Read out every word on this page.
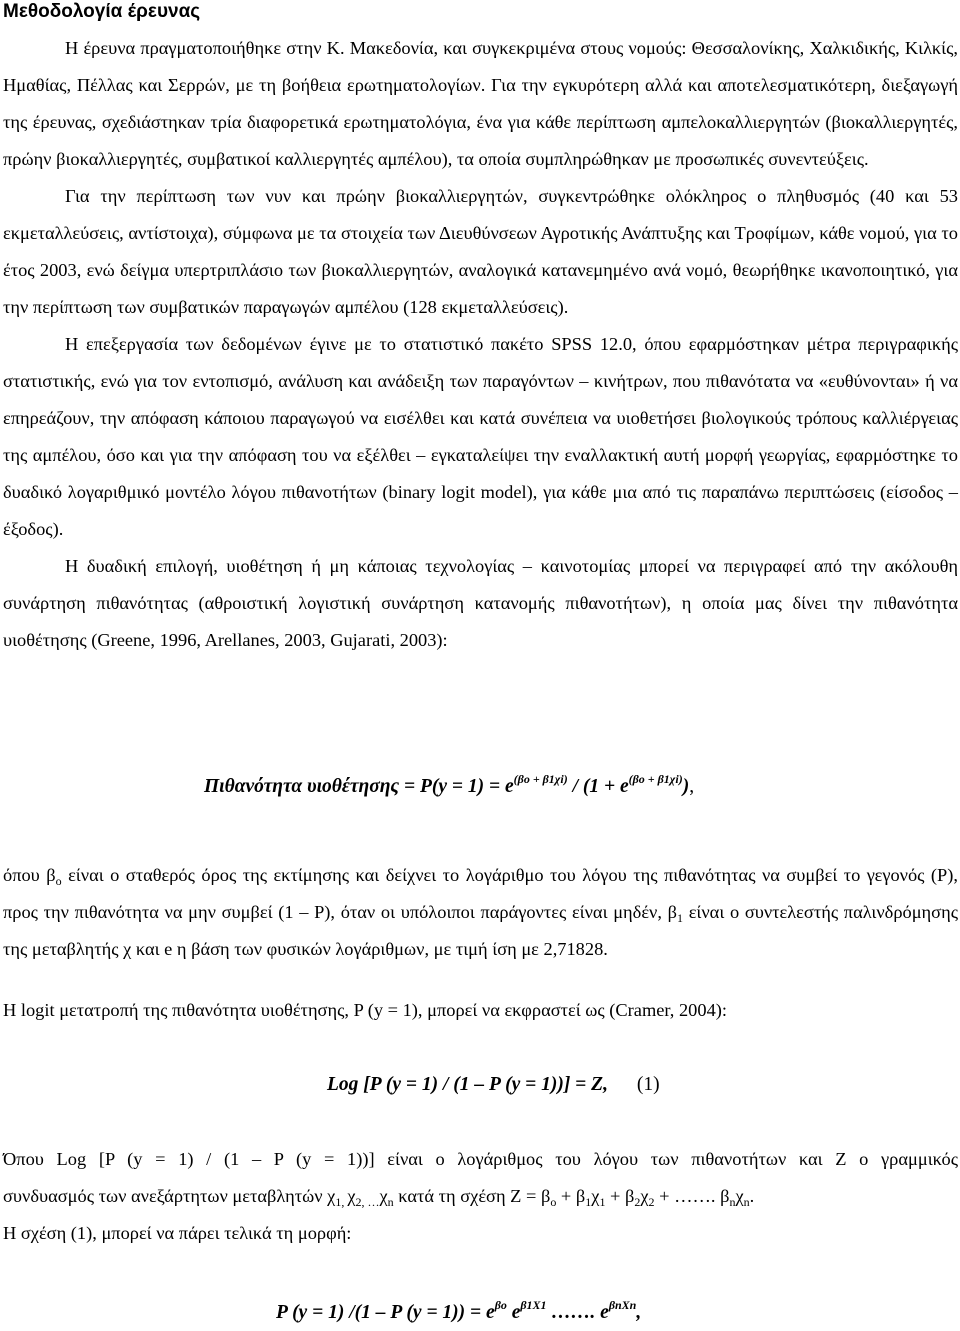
Μεθοδολογία έρευνας

Η έρευνα πραγματοποιήθηκε στην Κ. Μακεδονία, και συγκεκριμένα στους νομούς: Θεσσαλονίκης, Χαλκιδικής, Κιλκίς, Ημαθίας, Πέλλας και Σερρών, με τη βοήθεια ερωτηματολογίων. Για την εγκυρότερη αλλά και αποτελεσματικότερη, διεξαγωγή της έρευνας, σχεδιάστηκαν τρία διαφορετικά ερωτηματολόγια, ένα για κάθε περίπτωση αμπελοκαλλιεργητών (βιοκαλλιεργητές, πρώην βιοκαλλιεργητές, συμβατικοί καλλιεργητές αμπέλου), τα οποία συμπληρώθηκαν με προσωπικές συνεντεύξεις.

Για την περίπτωση των νυν και πρώην βιοκαλλιεργητών, συγκεντρώθηκε ολόκληρος ο πληθυσμός (40 και 53 εκμεταλλεύσεις, αντίστοιχα), σύμφωνα με τα στοιχεία των Διευθύνσεων Αγροτικής Ανάπτυξης και Τροφίμων, κάθε νομού, για το έτος 2003, ενώ δείγμα υπερτριπλάσιο των βιοκαλλιεργητών, αναλογικά κατανεμημένο ανά νομό, θεωρήθηκε ικανοποιητικό, για την περίπτωση των συμβατικών παραγωγών αμπέλου (128 εκμεταλλεύσεις).

Η επεξεργασία των δεδομένων έγινε με το στατιστικό πακέτο SPSS 12.0, όπου εφαρμόστηκαν μέτρα περιγραφικής στατιστικής, ενώ για τον εντοπισμό, ανάλυση και ανάδειξη των παραγόντων – κινήτρων, που πιθανότατα να «ευθύνονται» ή να επηρεάζουν, την απόφαση κάποιου παραγωγού να εισέλθει και κατά συνέπεια να υιοθετήσει βιολογικούς τρόπους καλλιέργειας της αμπέλου, όσο και για την απόφαση του να εξέλθει – εγκαταλείψει την εναλλακτική αυτή μορφή γεωργίας, εφαρμόστηκε το δυαδικό λογαριθμικό μοντέλο λόγου πιθανοτήτων (binary logit model), για κάθε μια από τις παραπάνω περιπτώσεις (είσοδος – έξοδος).

Η δυαδική επιλογή, υιοθέτηση ή μη κάποιας τεχνολογίας – καινοτομίας μπορεί να περιγραφεί από την ακόλουθη συνάρτηση πιθανότητας (αθροιστική λογιστική συνάρτηση κατανομής πιθανοτήτων), η οποία μας δίνει την πιθανότητα υιοθέτησης (Greene, 1996, Arellanes, 2003, Gujarati, 2003):

Πιθανότητα $\upsilon\iota o\theta έ\tau\eta\sigma\eta\varsigma = P(y = 1) = e^{(\beta o + \beta 1\chi i)} / (1 + e^{(\beta o + \beta 1\chi i)})$,

όπου $\beta_o$ είναι ο σταθερός όρος της εκτίμησης και δείχνει το λογάριθμο του λόγου της πιθανότητας να συμβεί το γεγονός (P), προς την πιθανότητα να μην συμβεί (1 – P), όταν οι υπόλοιποι παράγοντες είναι μηδέν, $\beta_1$ είναι ο συντελεστής παλινδρόμησης της μεταβλητής χ και e η βάση των φυσικών λογάριθμων, με τιμή ίση με 2,71828.

Η logit μετατροπή της πιθανότητα υιοθέτησης, P (y = 1), μπορεί να εκφραστεί ως (Cramer, 2004):

Log [P (y = 1) / (1 – P (y = 1))] = Z, (1)

Όπου Log [P (y = 1) / (1 – P (y = 1))] είναι ο λογάριθμος του λόγου των πιθανοτήτων και Z ο γραμμικός

συνδυασμός των ανεξάρτητων μεταβλητών $\chi_{1,}$ $\chi_{2, \dots}\chi_n$ κατά τη σχέση $Z = \beta_o + \beta_1\chi_1 + \beta_2\chi_2$ + ……. $\beta_n\chi_n$.

Η σχέση (1), μπορεί να πάρει τελικά τη μορφή:

P (y = 1) /(1 – P $(y = 1)) = e^{\beta o}$ $e^{\beta 1X1}$ ……. $e^{\beta nXn}$,
